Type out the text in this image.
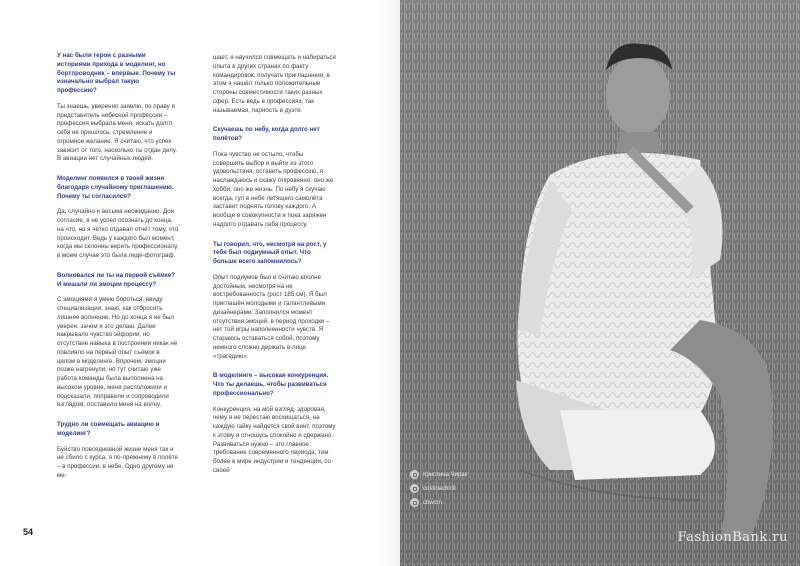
У нас были герои с разными историями прихода в моделинг, но бортпроводник – впервые. Почему ты изначально выбрал такую профессию?

Ты знаешь, уверенно заявлю, по праву я представитель небесной профессии – профессия выбрала меня, искать долго себя не пришлось, стремление и огромное желание. Я считаю, что успех зависит от того, насколько ты отдан делу. В авиации нет случайных людей.

Моделинг появился в твоей жизни благодаря случайному приглашению. Почему ты согласился?

Да, случайно и весьма неожиданно. Доя согласие, я не успел осознать до конца, на что, но я чётко отдавал отчёт тому, что происходит. Ведь у каждого был момент, когда мы склонны верить профессионалу, в моем случае это была леди-фотограф.

Волновался ли ты на первой съёмке? И мешали ли эмоции процессу?

С эмоциями я умею бороться, ввиду специализации, знаю, как отбросить лишнее волнение. Но до конца я не был уверен, зачем я это делаю. Далее накрывало чувство эйфории, но отсутствие навыка в построении никак не повлияло на первый опыт съёмок в целом в моделинге. Впрочем, эмоции позже нагрянули, но тут считаю уже работа команды была выполнена на высоком уровне, меня расположили и подсказали, поправили и сопроводили взглядом, поставили меня на волну.

Трудно ли совмещать авиацию и моделинг?

Буйство повседневной жизни меня так и не сбило с курса, я по-прежнему в полёте – в профессии, в небе. Одно другому не ме-

шает, я научился совмещать и набираться опыта в других странах по факту командировок, получать приглашения, в этом я нашёл только положительные стороны совместимости таких разных сфер. Есть ведь в профессиях, так называемая, парность в дуэте.

Скучаешь по небу, когда долго нет полётов?

Пока чувство не остыло, чтобы совершить выбор и выйти из этого удовольствия, оставить профессию, я наслаждаюсь и скажу откровенно: оно же хобби, оно же жизнь. По небу я скучаю всегда, гул в небе летящего самолёта заставит поднять голову каждого. А вообще в совокупности я пока заряжен надолго отдавать себя процессу.

Ты говорил, что, несмотря на рост, у тебя был подиумный опыт. Что больше всего запомнилось?

Опыт подиумов был и считаю вполне достойным, несмотря на не востребованность (рост 185 см). Я был приглашён молодыми и талантливыми дизайнерами. Заполнился момент отсутствия эмоций, в период проходки – нет той игры наполненности чувств. Я стараюсь оставаться собой, поэтому немного сложно держать в лице «трагедию».

В моделинге – высокая конкуренция. Что ты делаешь, чтобы развиваться профессионально?

Конкуренция, на мой взгляд, здоровая, чему я не перестаю восхищаться, на каждую гайку найдется свой винт, поэтому к этому я отношусь спокойно и сдержано. Развиваться нужно – это главное требование современного периода, тем более в мире индустрии и тенденции, со своей

54
Кристина Чирак
cristinachirik
cbwcrn
FashionBank.ru
